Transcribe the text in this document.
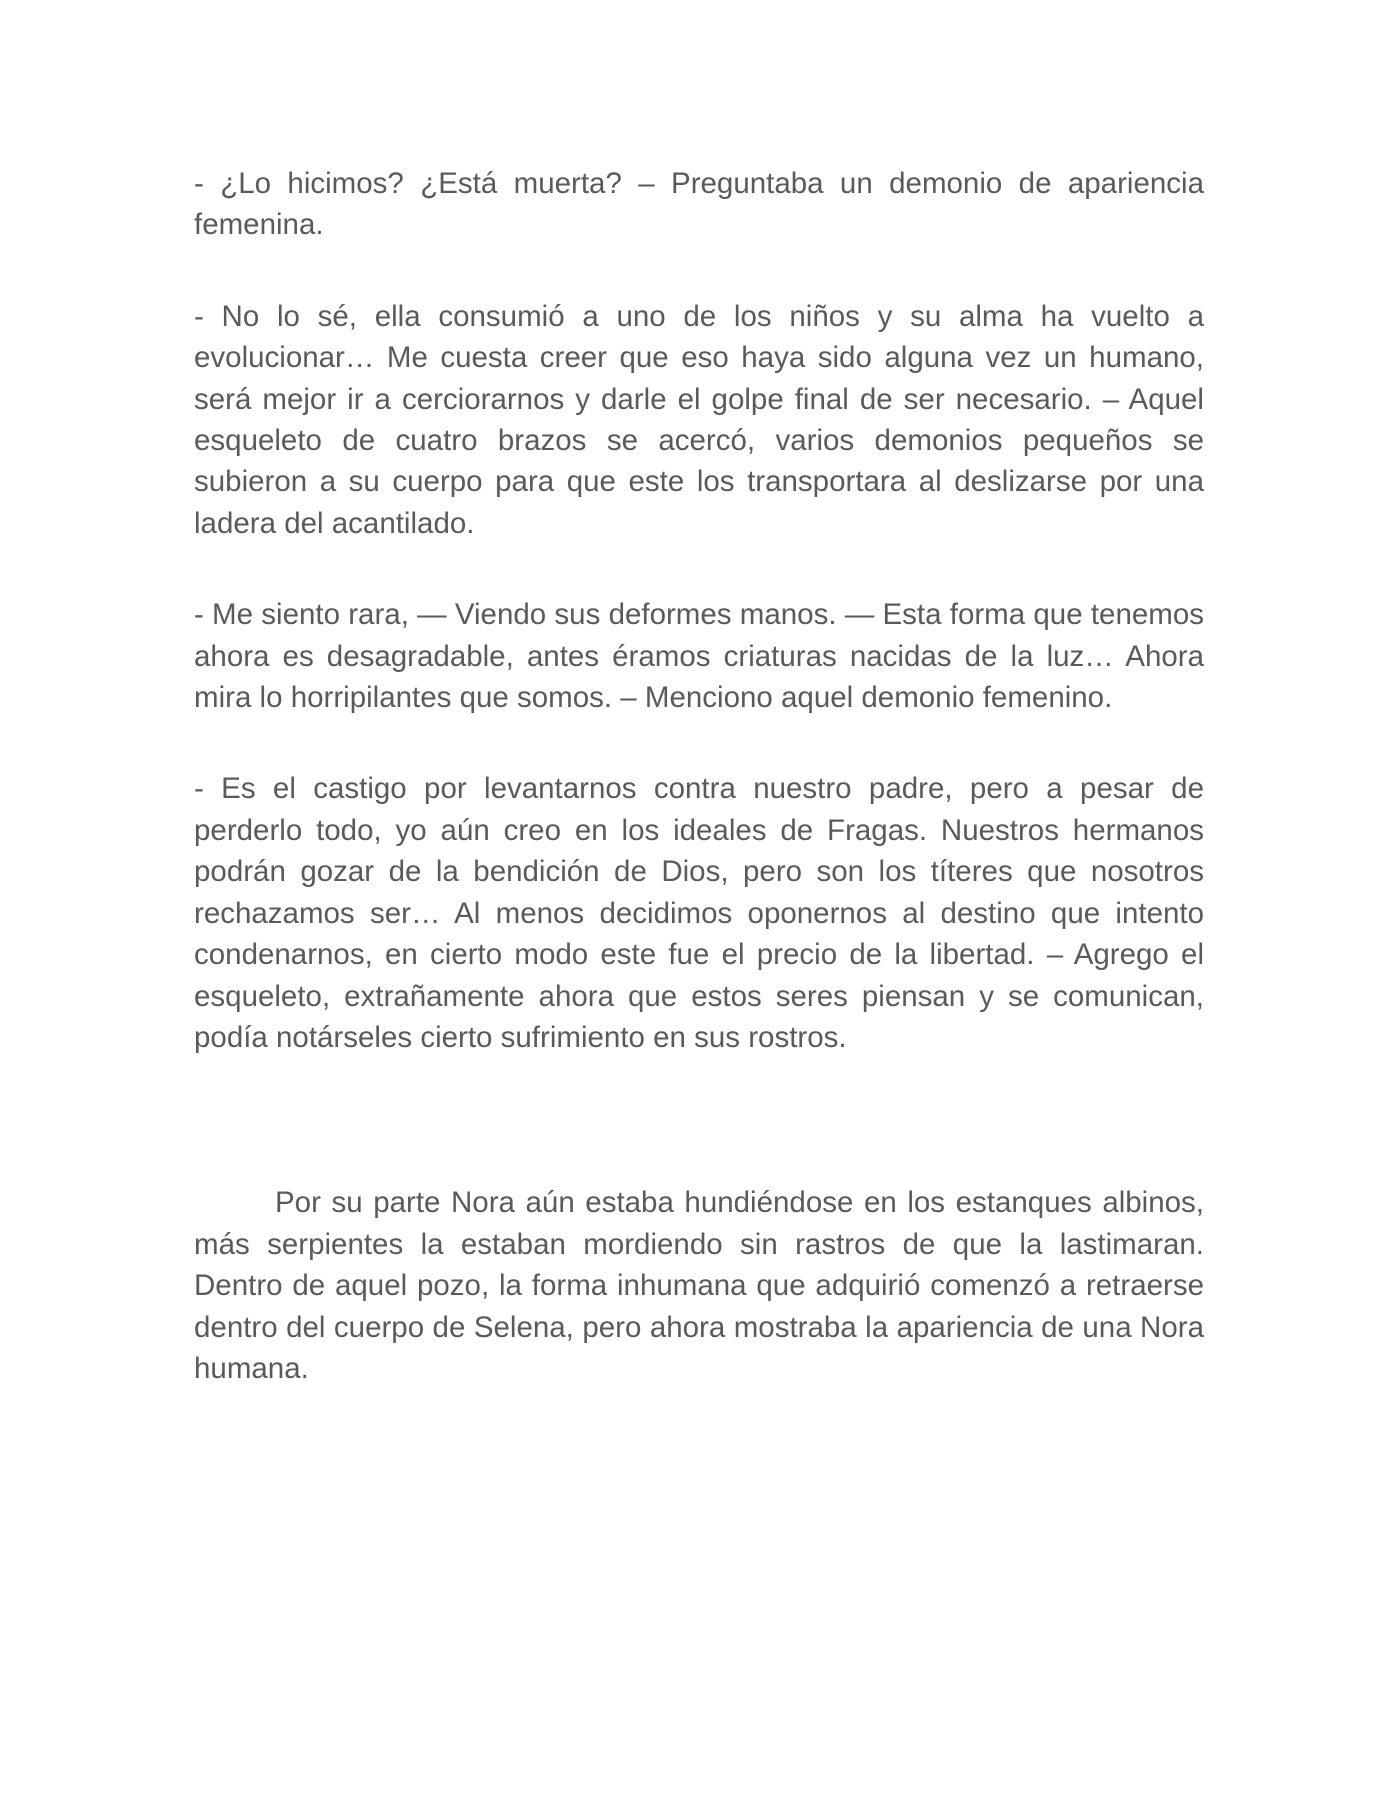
- ¿Lo hicimos? ¿Está muerta? – Preguntaba un demonio de apariencia femenina.

- No lo sé, ella consumió a uno de los niños y su alma ha vuelto a evolucionar… Me cuesta creer que eso haya sido alguna vez un humano, será mejor ir a cerciorarnos y darle el golpe final de ser necesario. – Aquel esqueleto de cuatro brazos se acercó, varios demonios pequeños se subieron a su cuerpo para que este los transportara al deslizarse por una ladera del acantilado.

- Me siento rara, — Viendo sus deformes manos. — Esta forma que tenemos ahora es desagradable, antes éramos criaturas nacidas de la luz… Ahora mira lo horripilantes que somos. – Menciono aquel demonio femenino.

- Es el castigo por levantarnos contra nuestro padre, pero a pesar de perderlo todo, yo aún creo en los ideales de Fragas. Nuestros hermanos podrán gozar de la bendición de Dios, pero son los títeres que nosotros rechazamos ser… Al menos decidimos oponernos al destino que intento condenarnos, en cierto modo este fue el precio de la libertad. – Agrego el esqueleto, extrañamente ahora que estos seres piensan y se comunican, podía notárseles cierto sufrimiento en sus rostros.

Por su parte Nora aún estaba hundiéndose en los estanques albinos, más serpientes la estaban mordiendo sin rastros de que la lastimaran. Dentro de aquel pozo, la forma inhumana que adquirió comenzó a retraerse dentro del cuerpo de Selena, pero ahora mostraba la apariencia de una Nora humana.
